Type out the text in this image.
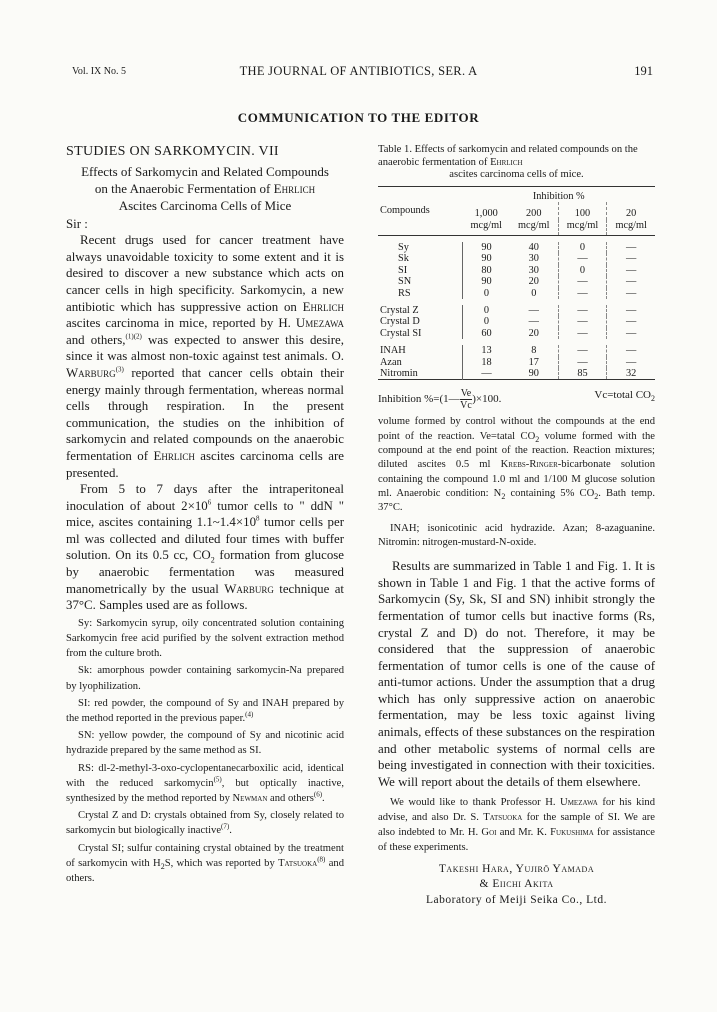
Vol. IX No. 5	THE JOURNAL OF ANTIBIOTICS, SER. A	191
COMMUNICATION TO THE EDITOR
STUDIES ON SARKOMYCIN. VII
Effects of Sarkomycin and Related Compounds
on the Anaerobic Fermentation of Ehrlich
Ascites Carcinoma Cells of Mice

Sir :

Recent drugs used for cancer treatment have always unavoidable toxicity to some extent and it is desired to discover a new substance which acts on cancer cells in high specificity. Sarkomycin, a new antibiotic which has suppressive action on Ehrlich ascites carcinoma in mice, reported by H. Umezawa and others,$^{(1)(2)}$ was expected to answer this desire, since it was almost non-toxic against test animals. O. Warburg$^{(3)}$ reported that cancer cells obtain their energy mainly through fermentation, whereas normal cells through respiration. In the present communication, the studies on the inhibition of sarkomycin and related compounds on the anaerobic fermentation of Ehrlich ascites carcinoma cells are presented.

From 5 to 7 days after the intraperitoneal inoculation of about $2\times 10^6$ tumor cells to " ddN " mice, ascites containing $1.1\sim 1.4\times 10^8$ tumor cells per ml was collected and diluted four times with buffer solution. On its 0.5 cc, $CO_2$ formation from glucose by anaerobic fermentation was measured manometrically by the usual Warburg technique at 37°C. Samples used are as follows.

Sy: Sarkomycin syrup, oily concentrated solution containing Sarkomycin free acid purified by the solvent extraction method from the culture broth.

Sk: amorphous powder containing sarkomycin-Na prepared by lyophilization.

SI: red powder, the compound of Sy and INAH prepared by the method reported in the previous paper.$^{(4)}$

SN: yellow powder, the compound of Sy and nicotinic acid hydrazide prepared by the same method as SI.

RS: dl-2-methyl-3-oxo-cyclopentanecarboxilic acid, identical with the reduced sarkomycin$^{(5)}$, but optically inactive, synthesized by the method reported by Newman and others$^{(6)}$.

Crystal Z and D: crystals obtained from Sy, closely related to sarkomycin but biologically inactive$^{(7)}$.

Crystal SI; sulfur containing crystal obtained by the treatment of sarkomycin with $H_2S$, which was reported by Tatsuoka$^{(8)}$ and others.

Table 1. Effects of sarkomycin and related compounds on the anaerobic fermentation of Ehrlich

ascites carcinoma cells of mice.

Compounds	Inhibition %			
	1,000	200	100	20
	mcg/ml	mcg/ml	mcg/ml	mcg/ml

Sy	90	40	0	—
Sk	90	30	—	—
SI	80	30	0	—
SN	90	20	—	—
RS	0	0	—	—

Crystal Z	0	—	—	—
Crystal D	0	—	—	—
Crystal SI	60	20	—	—

INAH	13	8	—	—
Azan	18	17	—	—
Nitromin	—	90	85	32
Inhibition %=(1— $\frac{Ve}{Vc} )\times 100$.	Vc=total $CO_2$

volume formed by control without the compounds at the end point of the reaction. Ve=tatal $CO_2$ volume formed with the compound at the end point of the reaction. Reaction mixtures; diluted ascites 0.5 ml Krebs-Ringer-bicarbonate solution containing the compound 1.0 ml and 1/100 M glucose solution ml. Anaerobic condition: $N_2$ containing 5% $CO_2$. Bath temp. 37°C.

INAH; isonicotinic acid hydrazide. Azan; 8-azaguanine. Nitromin: nitrogen-mustard-N-oxide.

Results are summarized in Table 1 and Fig. 1. It is shown in Table 1 and Fig. 1 that the active forms of Sarkomycin (Sy, Sk, SI and SN) inhibit strongly the fermentation of tumor cells but inactive forms (Rs, crystal Z and D) do not. Therefore, it may be considered that the suppression of anaerobic fermentation of tumor cells is one of the cause of anti-tumor actions. Under the assumption that a drug which has only suppressive action on anaerobic fermentation, may be less toxic against living animals, effects of these substances on the respiration and other metabolic systems of normal cells are being investigated in connection with their toxicities. We will report about the details of them elsewhere.

We would like to thank Professor H. Umezawa for his kind advise, and also Dr. S. Tatsuoka for the sample of SI. We are also indebted to Mr. H. Goi and Mr. K. Fukushima for assistance of these experiments.

Takeshi Hara, Yujirō Yamada
& Eiichi Akita
Laboratory of Meiji Seika Co., Ltd.
